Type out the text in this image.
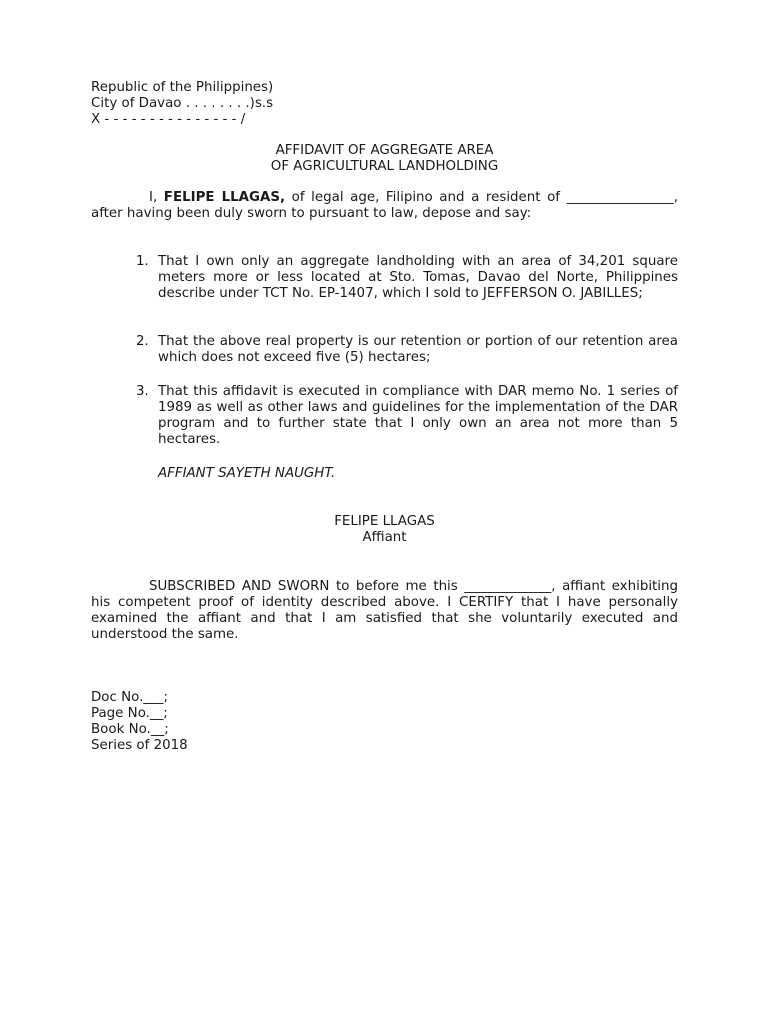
Republic of the Philippines)
City of Davao . . . . . . . .)s.s
X - - - - - - - - - - - - - - - /
AFFIDAVIT OF AGGREGATE AREA
OF AGRICULTURAL LANDHOLDING
I, FELIPE LLAGAS, of legal age, Filipino and a resident of ________________, after having been duly sworn to pursuant to law, depose and say:
1. That I own only an aggregate landholding with an area of 34,201 square meters more or less located at Sto. Tomas, Davao del Norte, Philippines describe under TCT No. EP-1407, which I sold to JEFFERSON O. JABILLES;
2. That the above real property is our retention or portion of our retention area which does not exceed five (5) hectares;
3. That this affidavit is executed in compliance with DAR memo No. 1 series of 1989 as well as other laws and guidelines for the implementation of the DAR program and to further state that I only own an area not more than 5 hectares.
AFFIANT SAYETH NAUGHT.
FELIPE LLAGAS
Affiant
SUBSCRIBED AND SWORN to before me this _____________, affiant exhibiting his competent proof of identity described above. I CERTIFY that I have personally examined the affiant and that I am satisfied that she voluntarily executed and understood the same.
Doc No.___;
Page No.__;
Book No.__;
Series of 2018
